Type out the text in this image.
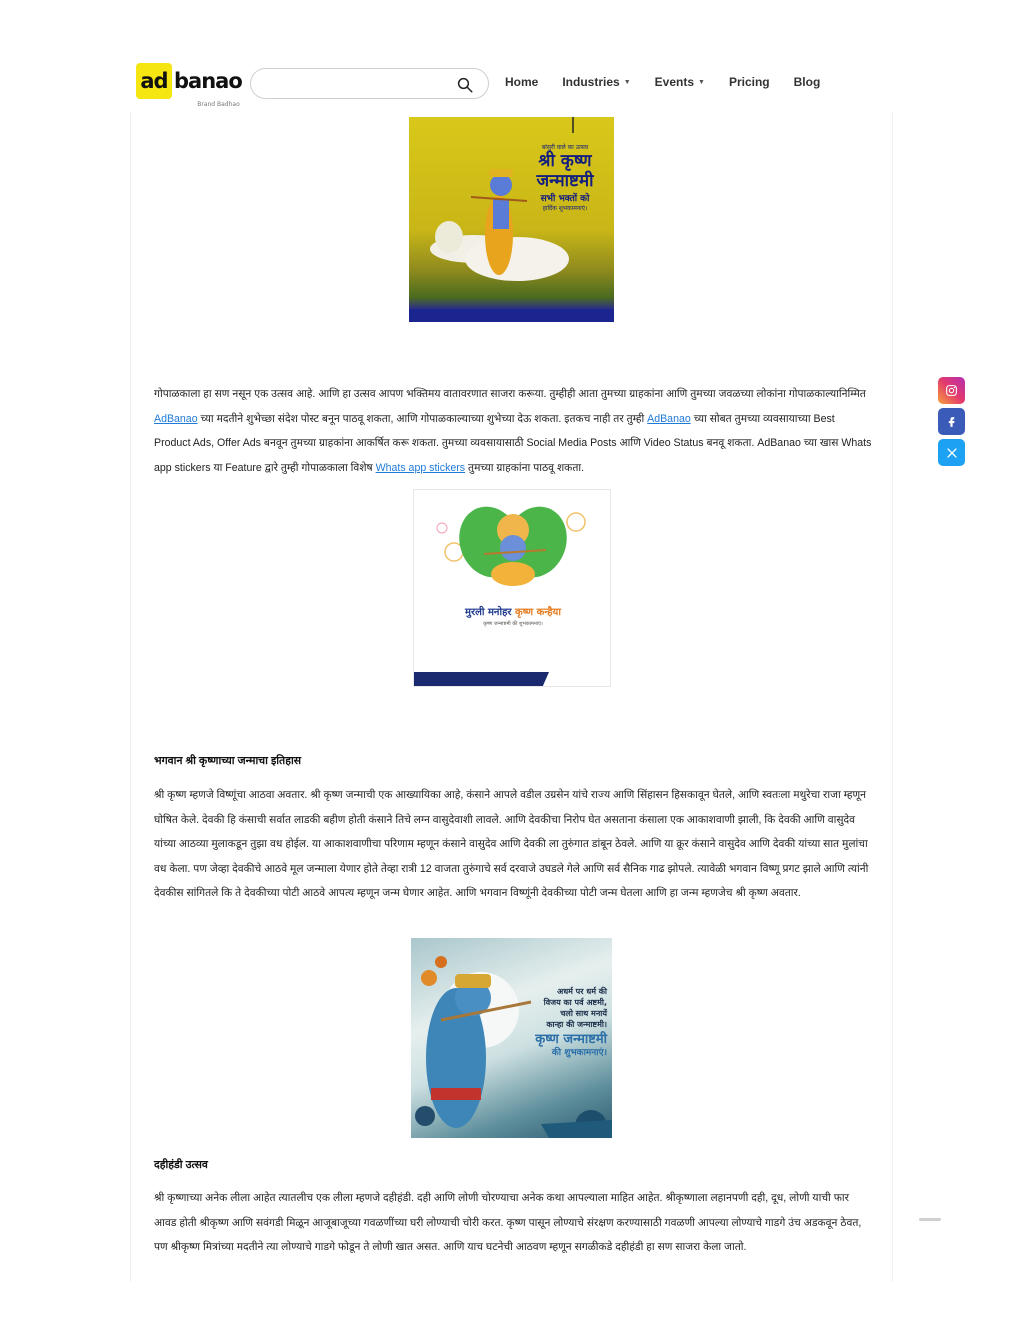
ad banao
Brand Badhao
Home Industries ▼ Events ▼ Pricing Blog
बांसुरी वाले का उत्सव
श्री कृष्ण
जन्माष्टमी
सभी भक्तों को
हार्दिक शुभकामनाएं।
गोपाळकाला हा सण नसून एक उत्सव आहे. आणि हा उत्सव आपण भक्तिमय वातावरणात साजरा करूया. तुम्हीही आता तुमच्या ग्राहकांना आणि तुमच्या जवळच्या लोकांना गोपाळकाल्यानिम्मित
AdBanao च्या मदतीने शुभेच्छा संदेश पोस्ट बनून पाठवू शकता, आणि गोपाळकाल्याच्या शुभेच्या देऊ शकता. इतकच नाही तर तुम्ही AdBanao च्या सोबत तुमच्या व्यवसायाच्या Best Product Ads, Offer Ads बनवून तुमच्या ग्राहकांना आकर्षित करू शकता. तुमच्या व्यवसायासाठी Social Media Posts आणि Video Status बनवू शकता. AdBanao च्या खास Whats app stickers या Feature द्वारे तुम्ही गोपाळकाला विशेष Whats app stickers तुमच्या ग्राहकांना पाठवू शकता.
मुरली मनोहर कृष्ण कन्हैया
कृष्ण जन्माष्टमी की शुभकामनाएं।
भगवान श्री कृष्णाच्या जन्माचा इतिहास
श्री कृष्ण म्हणजे विष्णूंचा आठवा अवतार. श्री कृष्ण जन्माची एक आख्यायिका आहे, कंसाने आपले वडील उग्रसेन यांचे राज्य आणि सिंहासन हिसकावून घेतले, आणि स्वतःला मथुरेचा राजा म्हणून घोषित केले. देवकी हि कंसाची सर्वात लाडकी बहीण होती कंसाने तिचे लग्न वासुदेवाशी लावले. आणि देवकीचा निरोप घेत असताना कंसाला एक आकाशवाणी झाली, कि देवकी आणि वासुदेव यांच्या आठव्या मुलाकडून तुझा वध होईल. या आकाशवाणीचा परिणाम म्हणून कंसाने वासुदेव आणि देवकी ला तुरुंगात डांबून ठेवले. आणि या क्रूर कंसाने वासुदेव आणि देवकी यांच्या सात मुलांचा वध केला. पण जेव्हा देवकीचे आठवे मूल जन्माला येणार होते तेव्हा रात्री 12 वाजता तुरुंगाचे सर्व दरवाजे उघडले गेले आणि सर्व सैनिक गाढ झोपले. त्यावेळी भगवान विष्णू प्रगट झाले आणि त्यांनी देवकीस सांगितले कि ते देवकीच्या पोटी आठवे आपत्य म्हणून जन्म घेणार आहेत. आणि भगवान विष्णूंनी देवकीच्या पोटी जन्म घेतला आणि हा जन्म म्हणजेच श्री कृष्ण अवतार.
अधर्म पर धर्म की
विजय का पर्व अष्टमी,
चलो साथ मनायें
कान्हा की जन्माष्टमी।
कृष्ण जन्माष्टमी
की शुभकामनाएं।
दहीहंडी उत्सव
श्री कृष्णाच्या अनेक लीला आहेत त्यातलीच एक लीला म्हणजे दहीहंडी. दही आणि लोणी चोरण्याचा अनेक कथा आपल्याला माहित आहेत. श्रीकृष्णाला लहानपणी दही, दूध, लोणी याची फार आवड होती श्रीकृष्ण आणि सवंगडी मिळून आजूबाजूच्या गवळणींच्या घरी लोण्याची चोरी करत. कृष्ण पासून लोण्याचे संरक्षण करण्यासाठी गवळणी आपल्या लोण्याचे गाडगे उंच अडकवून ठेवत, पण श्रीकृष्ण मित्रांच्या मदतीने त्या लोण्याचे गाडगे फोडून ते लोणी खात असत. आणि याच घटनेची आठवण म्हणून सगळीकडे दहीहंडी हा सण साजरा केला जातो.
